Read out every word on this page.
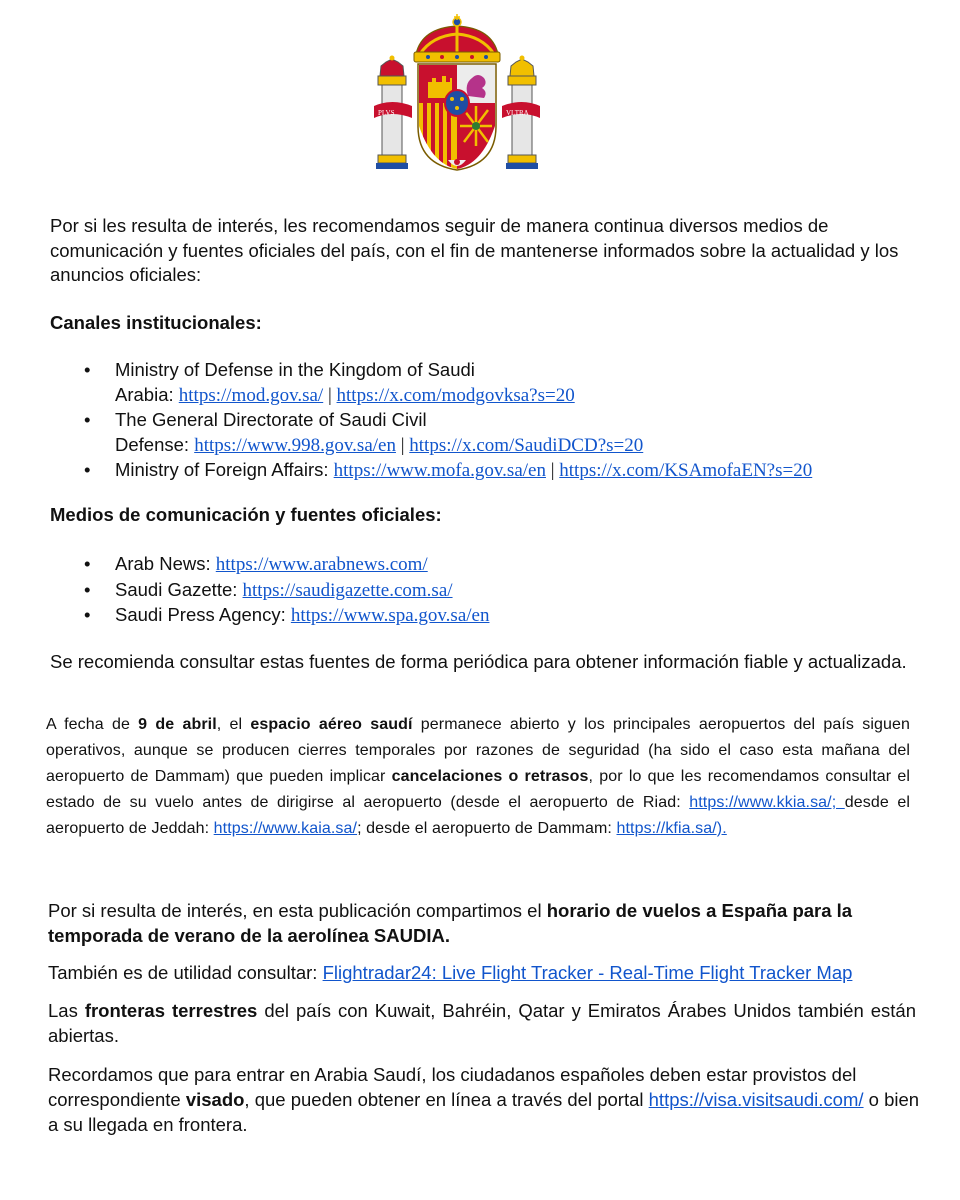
PLVS	VLTRA
Por si les resulta de interés, les recomendamos seguir de manera continua diversos medios de comunicación y fuentes oficiales del país, con el fin de mantenerse informados sobre la actualidad y los anuncios oficiales:
Canales institucionales:
• Ministry of Defense in the Kingdom of Saudi
Arabia: https://mod.gov.sa/ | https://x.com/modgovksa?s=20
• The General Directorate of Saudi Civil
Defense: https://www.998.gov.sa/en | https://x.com/SaudiDCD?s=20
• Ministry of Foreign Affairs: https://www.mofa.gov.sa/en | https://x.com/KSAmofaEN?s=20
Medios de comunicación y fuentes oficiales:
• Arab News: https://www.arabnews.com/
• Saudi Gazette: https://saudigazette.com.sa/
• Saudi Press Agency: https://www.spa.gov.sa/en
Se recomienda consultar estas fuentes de forma periódica para obtener información fiable y actualizada.
A fecha de 9 de abril, el espacio aéreo saudí permanece abierto y los principales aeropuertos del país siguen operativos, aunque se producen cierres temporales por razones de seguridad (ha sido el caso esta mañana del aeropuerto de Dammam) que pueden implicar cancelaciones o retrasos, por lo que les recomendamos consultar el estado de su vuelo antes de dirigirse al aeropuerto (desde el aeropuerto de Riad: https://www.kkia.sa/; desde el aeropuerto de Jeddah: https://www.kaia.sa/; desde el aeropuerto de Dammam: https://kfia.sa/).
Por si resulta de interés, en esta publicación compartimos el horario de vuelos a España para la temporada de verano de la aerolínea SAUDIA.
También es de utilidad consultar: Flightradar24: Live Flight Tracker - Real-Time Flight Tracker Map
Las fronteras terrestres del país con Kuwait, Bahréin, Qatar y Emiratos Árabes Unidos también están abiertas.
Recordamos que para entrar en Arabia Saudí, los ciudadanos españoles deben estar provistos del correspondiente visado, que pueden obtener en línea a través del portal https://visa.visitsaudi.com/ o bien a su llegada en frontera.
